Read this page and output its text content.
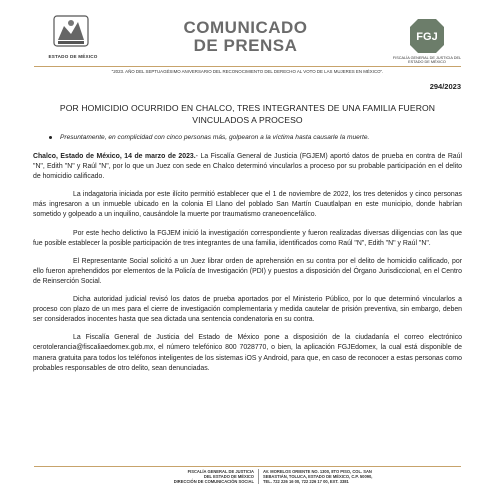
ESTADO DE MÉXICO
COMUNICADO
DE PRENSA	FGJ
FISCALÍA GENERAL DE JUSTICIA DEL ESTADO DE MÉXICO
"2023. AÑO DEL SEPTUAGÉSIMO ANIVERSARIO DEL RECONOCIMIENTO DEL DERECHO AL VOTO DE LAS MUJERES EN MÉXICO".
294/2023
POR HOMICIDIO OCURRIDO EN CHALCO, TRES INTEGRANTES DE UNA FAMILIA FUERON VINCULADOS A PROCESO
Presuntamente, en complicidad con cinco personas más, golpearon a la víctima hasta causarle la muerte.

Chalco, Estado de México, 14 de marzo de 2023.- La Fiscalía General de Justicia (FGJEM) aportó datos de prueba en contra de Raúl "N", Edith "N" y Raúl "N", por lo que un Juez con sede en Chalco determinó vincularlos a proceso por su probable participación en el delito de homicidio calificado.

La indagatoria iniciada por este ilícito permitió establecer que el 1 de noviembre de 2022, los tres detenidos y cinco personas más ingresaron a un inmueble ubicado en la colonia El Llano del poblado San Martín Cuautlalpan en este municipio, donde habrían sometido y golpeado a un inquilino, causándole la muerte por traumatismo craneoencefálico.

Por este hecho delictivo la FGJEM inició la investigación correspondiente y fueron realizadas diversas diligencias con las que fue posible establecer la posible participación de tres integrantes de una familia, identificados como Raúl "N", Edith "N" y Raúl "N".

El Representante Social solicitó a un Juez librar orden de aprehensión en su contra por el delito de homicidio calificado, por ello fueron aprehendidos por elementos de la Policía de Investigación (PDI) y puestos a disposición del Órgano Jurisdiccional, en el Centro de Reinserción Social.

Dicha autoridad judicial revisó los datos de prueba aportados por el Ministerio Público, por lo que determinó vincularlos a proceso con plazo de un mes para el cierre de investigación complementaria y medida cautelar de prisión preventiva, sin embargo, deben ser considerados inocentes hasta que sea dictada una sentencia condenatoria en su contra.

La Fiscalía General de Justicia del Estado de México pone a disposición de la ciudadanía el correo electrónico cerotolerancia@fiscaliaedomex.gob.mx, el número telefónico 800 7028770, o bien, la aplicación FGJEdomex, la cual está disponible de manera gratuita para todos los teléfonos inteligentes de los sistemas iOS y Android, para que, en caso de reconocer a estas personas como probables responsables de otro delito, sean denunciadas.

FISCALÍA GENERAL DE JUSTICIA
DEL ESTADO DE MÉXICO
DIRECCIÓN DE COMUNICACIÓN SOCIAL
AV. MORELOS ORIENTE NO. 1300, 8TO PISO, COL. SAN
SEBASTIÁN, TOLUCA, ESTADO DE MÉXICO, C.P. 50090,
TEL. 722 226 16 00, 722 226 17 00, EXT. 3381
